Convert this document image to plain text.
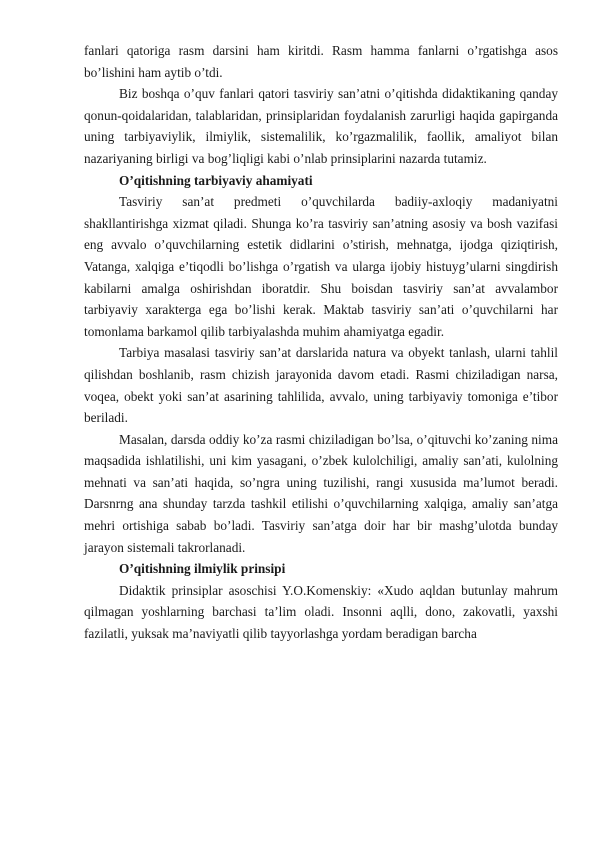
fanlari qatoriga rasm darsini ham kiritdi. Rasm hamma fanlarni o’rgatishga asos bo’lishini ham aytib o’tdi.

Biz boshqa o’quv fanlari qatori tasviriy san’atni o’qitishda didaktikaning qanday qonun-qoidalaridan, talablaridan, prinsiplaridan foydalanish zarurligi haqida gapirganda uning tarbiyaviylik, ilmiylik, sistemalilik, ko’rgazmalilik, faollik, amaliyot bilan nazariyaning birligi va bog’liqligi kabi o’nlab prinsiplarini nazarda tutamiz.

O’qitishning tarbiyaviy ahamiyati

Tasviriy san’at predmeti o’quvchilarda badiiy-axloqiy madaniyatni shakllantirishga xizmat qiladi. Shunga ko’ra tasviriy san’atning asosiy va bosh vazifasi eng avvalo o’quvchilarning estetik didlarini o’stirish, mehnatga, ijodga qiziqtirish, Vatanga, xalqiga e’tiqodli bo’lishga o’rgatish va ularga ijobiy histuyg’ularni singdirish kabilarni amalga oshirishdan iboratdir. Shu boisdan tasviriy san’at avvalambor tarbiyaviy xarakterga ega bo’lishi kerak. Maktab tasviriy san’ati o’quvchilarni har tomonlama barkamol qilib tarbiyalashda muhim ahamiyatga egadir.

Tarbiya masalasi tasviriy san’at darslarida natura va obyekt tanlash, ularni tahlil qilishdan boshlanib, rasm chizish jarayonida davom etadi. Rasmi chiziladigan narsa, voqea, obekt yoki san’at asarining tahlilida, avvalo, uning tarbiyaviy tomoniga e’tibor beriladi.

Masalan, darsda oddiy ko’za rasmi chiziladigan bo’lsa, o’qituvchi ko’zaning nima maqsadida ishlatilishi, uni kim yasagani, o’zbek kulolchiligi, amaliy san’ati, kulolning mehnati va san’ati haqida, so’ngra uning tuzilishi, rangi xususida ma’lumot beradi. Darsnrng ana shunday tarzda tashkil etilishi o’quvchilarning xalqiga, amaliy san’atga mehri ortishiga sabab bo’ladi. Tasviriy san’atga doir har bir mashg’ulotda bunday jarayon sistemali takrorlanadi.

O’qitishning ilmiylik prinsipi

Didaktik prinsiplar asoschisi Y.O.Komenskiy: «Xudo aqldan butunlay mahrum qilmagan yoshlarning barchasi ta’lim oladi. Insonni aqlli, dono, zakovatli, yaxshi fazilatli, yuksak ma’naviyatli qilib tayyorlashga yordam beradigan barcha
